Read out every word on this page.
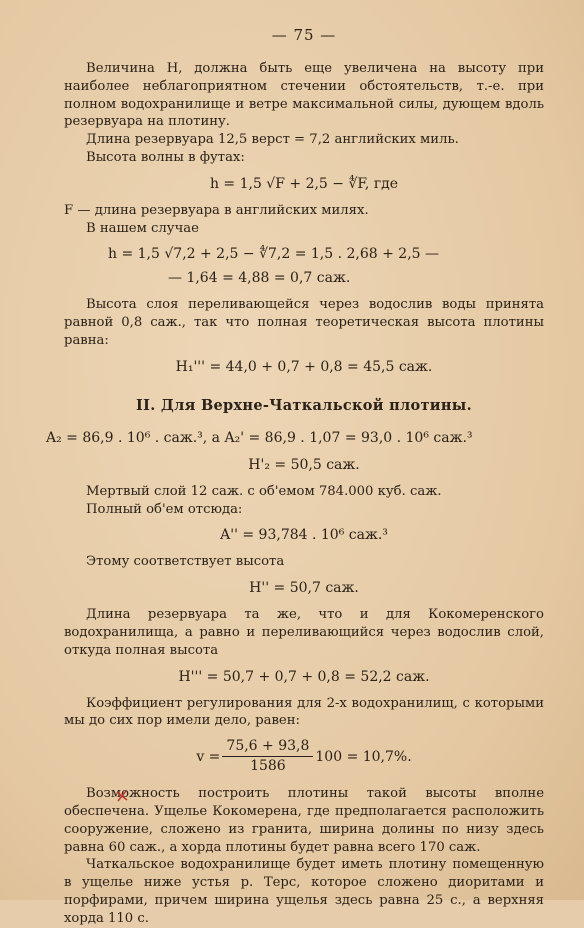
— 75 —

Величина H, должна быть еще увеличена на высоту при наиболее неблагоприятном стечении обстоятельств, т.-е. при полном водохранилище и ветре максимальной силы, дующем вдоль резервуара на плотину.

Длина резервуара 12,5 верст = 7,2 английских миль.

Высота волны в футах:

h = 1,5 √F + 2,5 − ∜F, где

F — длина резервуара в английских милях.

В нашем случае

h = 1,5 √7,2 + 2,5 − ∜7,2 = 1,5 . 2,68 + 2,5 —
— 1,64 = 4,88 = 0,7 саж.

Высота слоя переливающейся через водослив воды принята равной 0,8 саж., так что полная теоретическая высота плотины равна:

H₁''' = 44,0 + 0,7 + 0,8 = 45,5 саж.
II. Для Верхне-Чаткальской плотины.
A₂ = 86,9 . 10⁶ . саж.³, а A₂' = 86,9 . 1,07 = 93,0 . 10⁶ саж.³
H'₂ = 50,5 саж.

Мертвый слой 12 саж. с об'емом 784.000 куб. саж.

Полный об'ем отсюда:

A'' = 93,784 . 10⁶ саж.³

Этому соответствует высота

H'' = 50,7 саж.

Длина резервуара та же, что и для Кокомеренского водохранилища, а равно и переливающийся через водослив слой, откуда полная высота

H''' = 50,7 + 0,7 + 0,8 = 52,2 саж.

Коэффициент регулирования для 2-х водохранилищ, с которыми мы до сих пор имели дело, равен:

$v = \frac{75,6 + 93,8}{1586} 100 = 10,7\%$.

Возможность построить плотины такой высоты вполне обеспечена. Ущелье Кокомерена, где предполагается расположить сооружение, сложено из гранита, ширина долины по низу здесь равна 60 саж., а хорда плотины будет равна всего 170 саж.

Чаткальское водохранилище будет иметь плотину помещенную в ущелье ниже устья р. Терс, которое сложено диоритами и порфирами, причем ширина ущелья здесь равна 25 с., а верхняя хорда 110 с.
